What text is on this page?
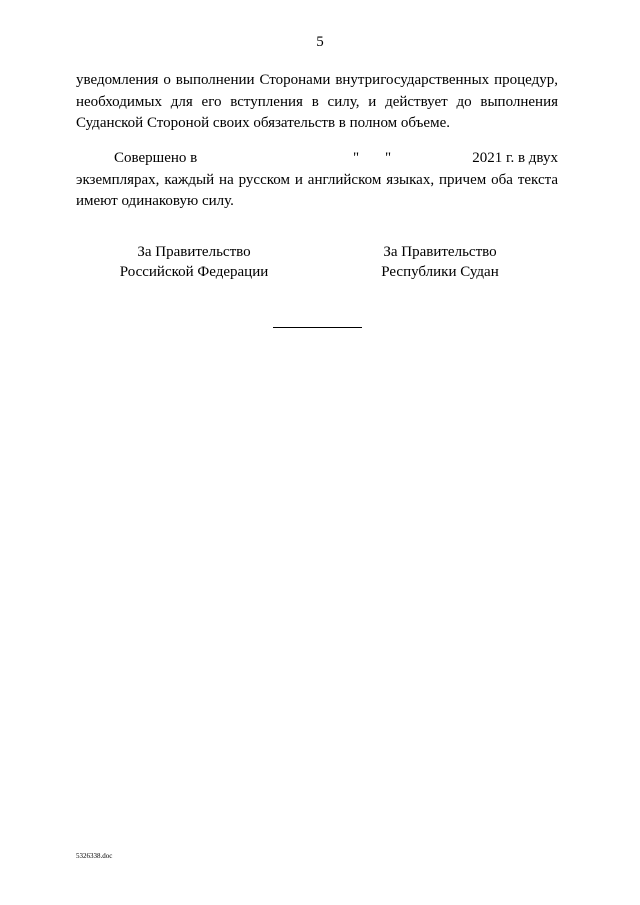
5
уведомления о выполнении Сторонами внутригосударственных процедур,
необходимых для его вступления в силу, и действует до выполнения
Суданской Стороной своих обязательств в полном объеме.
Совершено в	" "	2021 г. в двух
экземплярах, каждый на русском и английском языках, причем оба текста
имеют одинаковую силу.
За Правительство
Российской Федерации
За Правительство
Республики Судан
5326338.doc
